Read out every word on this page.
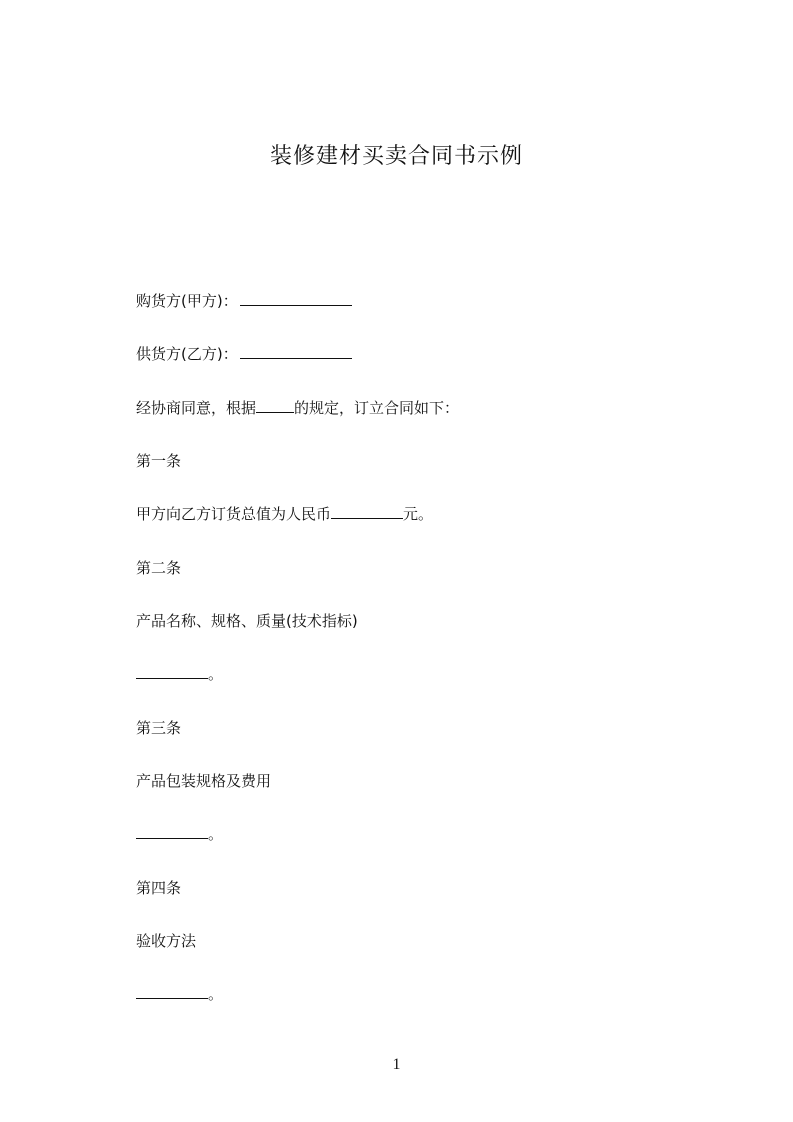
装修建材买卖合同书示例
购货方(甲方)：
供货方(乙方)：
经协商同意，根据	的规定，订立合同如下：
第一条
甲方向乙方订货总值为人民币	元。
第二条
产品名称、规格、质量(技术指标)
。
第三条
产品包装规格及费用
。
第四条
验收方法
。
1
